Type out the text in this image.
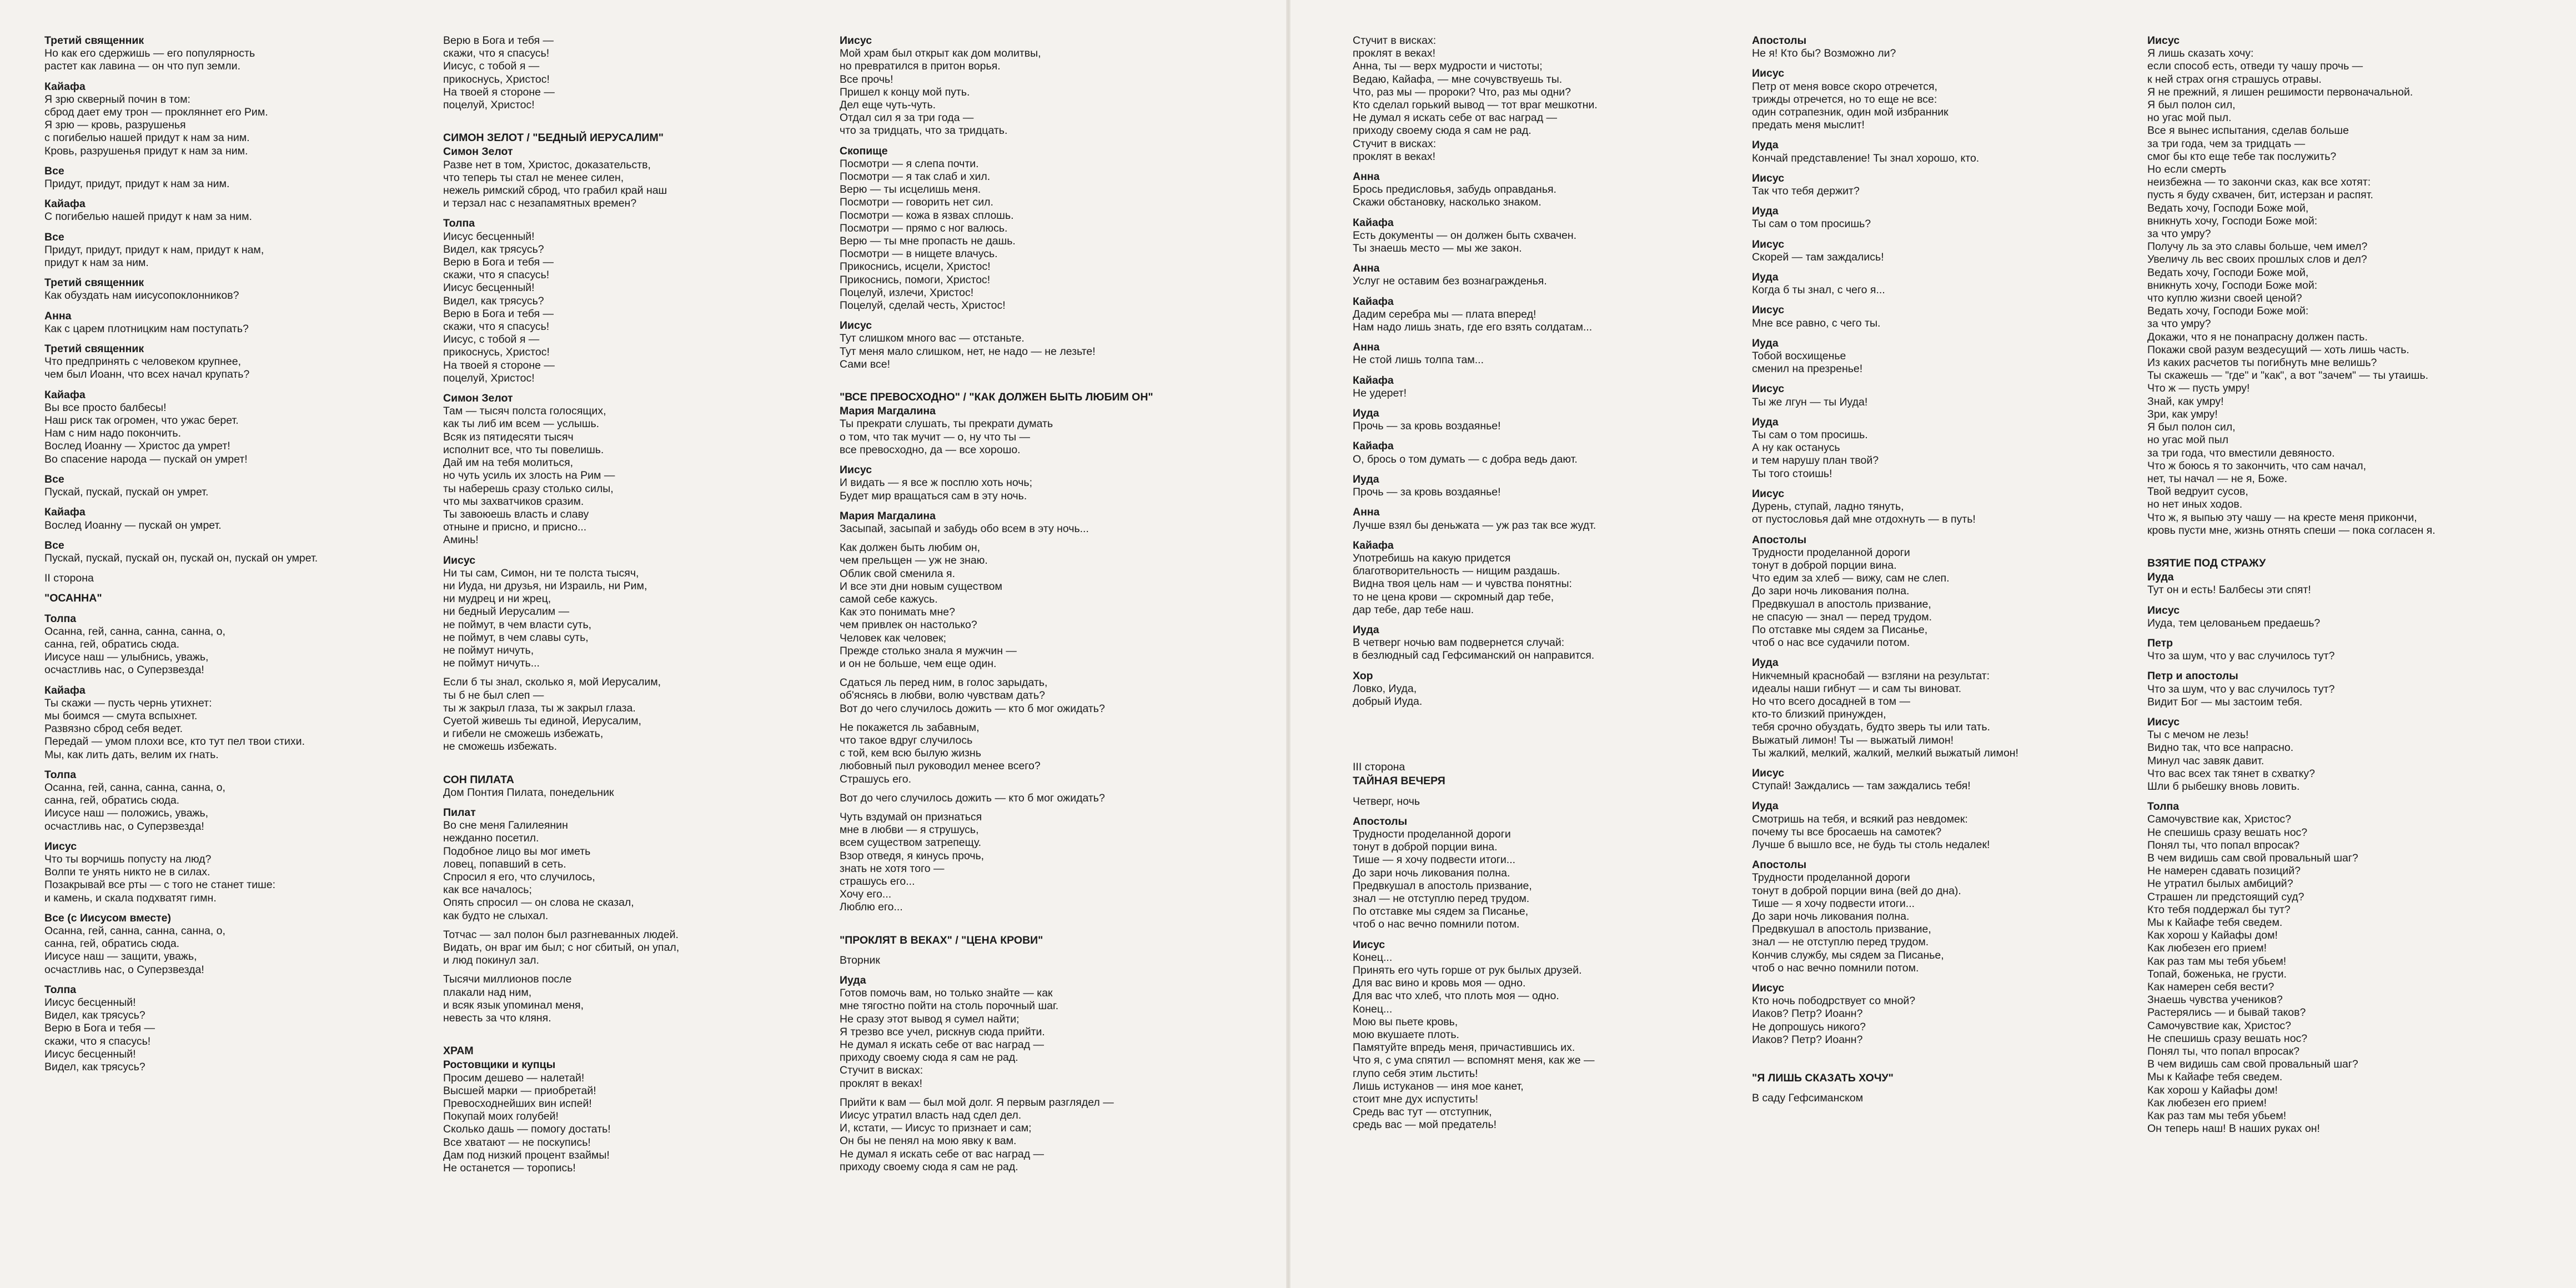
Третий священник
Но как его сдержишь — его популярность
растет как лавина — он что пуп земли.
Кайафа
Я зрю скверный почин в том:
сброд дает ему трон — прокляннет его Рим.
Я зрю — кровь, разрушенья
с погибелью нашей придут к нам за ним.
Кровь, разрушенья придут к нам за ним.
Все
Придут, придут, придут к нам за ним.
Кайафа
С погибелью нашей придут к нам за ним.
Все
Придут, придут, придут к нам, придут к нам,
придут к нам за ним.
Третий священник
Как обуздать нам иисусопоклонников?
Анна
Как с царем плотницким нам поступать?
Третий священник
Что предпринять с человеком крупнее,
чем был Иоанн, что всех начал крупать?
Кайафа
Вы все просто балбесы!
Наш риск так огромен, что ужас берет.
Нам с ним надо покончить.
Вослед Иоанну — Христос да умрет!
Во спасение народа — пускай он умрет!
Все
Пускай, пускай, пускай он умрет.
Кайафа
Вослед Иоанну — пускай он умрет.
Все
Пускай, пускай, пускай он, пускай он, пускай он умрет.
II сторона
"ОСАННА"
Толпа
Осанна, гей, санна, санна, санна, о,
санна, гей, обратись сюда.
Иисусе наш — улыбнись, уважь,
осчастливь нас, о Суперзвезда!
Кайафа
Ты скажи — пусть чернь утихнет:
мы боимся — смута вспыхнет.
Развязно сброд себя ведет.
Передай — умом плохи все, кто тут пел твои стихи.
Мы, как лить дать, велим их гнать.
Толпа
Осанна, гей, санна, санна, санна, о,
санна, гей, обратись сюда.
Иисусе наш — положись, уважь,
осчастливь нас, о Суперзвезда!
Иисус
Что ты ворчишь попусту на люд?
Волпи те унять никто не в силах.
Позакрывай все рты — с того не станет тише:
и камень, и скала подхватят гимн.
Все (с Иисусом вместе)
Осанна, гей, санна, санна, санна, о,
санна, гей, обратись сюда.
Иисусе наш — защити, уважь,
осчастливь нас, о Суперзвезда!
Толпа
Иисус бесценный!
Видел, как трясусь?
Верю в Бога и тебя —
скажи, что я спасусь!
Иисус бесценный!
Видел, как трясусь?
Верю в Бога и тебя —
скажи, что я спасусь!
Иисус, с тобой я —
прикоснусь, Христос!
На твоей я стороне —
поцелуй, Христос!
СИМОН ЗЕЛОТ / "БЕДНЫЙ ИЕРУСАЛИМ"
Симон Зелот
Разве нет в том, Христос, доказательств,
что теперь ты стал не менее силен,
нежель римский сброд, что грабил край наш
и терзал нас с незапамятных времен?
Толпа
Иисус бесценный!
Видел, как трясусь?
Верю в Бога и тебя —
скажи, что я спасусь!
Иисус бесценный!
Видел, как трясусь?
Верю в Бога и тебя —
скажи, что я спасусь!
Иисус, с тобой я —
прикоснусь, Христос!
На твоей я стороне —
поцелуй, Христос!
Симон Зелот
Там — тысяч полста голосящих,
как ты либ им всем — услышь.
Всяк из пятидесяти тысяч
исполнит все, что ты повелишь.
Дай им на тебя молиться,
но чуть усиль их злость на Рим —
ты наберешь сразу столько силы,
что мы захватчиков сразим.
Ты завоюешь власть и славу
отныне и присно, и присно...
Аминь!
Иисус
Ни ты сам, Симон, ни те полста тысяч,
ни Иуда, ни друзья, ни Израиль, ни Рим,
ни мудрец и ни жрец,
ни бедный Иерусалим —
не поймут, в чем власти суть,
не поймут, в чем славы суть,
не поймут ничуть,
не поймут ничуть...
Если б ты знал, сколько я, мой Иерусалим,
ты б не был слеп —
ты ж закрыл глаза, ты ж закрыл глаза.
Суетой живешь ты единой, Иерусалим,
и гибели не сможешь избежать,
не сможешь избежать.
СОН ПИЛАТА
Дом Понтия Пилата, понедельник
Пилат
Во сне меня Галилеянин
нежданно посетил.
Подобное лицо вы мог иметь
ловец, попавший в сеть.
Спросил я его, что случилось,
как все началось;
Опять спросил — он слова не сказал,
как будто не слыхал.
Тотчас — зал полон был разгневанных людей.
Видать, он враг им был; с ног сбитый, он упал,
и люд покинул зал.
Тысячи миллионов после
плакали над ним,
и всяк язык упоминал меня,
невесть за что кляня.
ХРАМ
Ростовщики и купцы
Просим дешево — налетай!
Высшей марки — приобретай!
Превосходнейших вин испей!
Покупай моих голубей!
Сколько дашь — помогу достать!
Все хватают — не поскупись!
Дам под низкий процент взаймы!
Не останется — торопись!
Иисус
Мой храм был открыт как дом молитвы,
но превратился в притон ворья.
Все прочь!
Пришел к концу мой путь.
Дел еще чуть-чуть.
Отдал сил я за три года —
что за тридцать, что за тридцать.
Скопище
Посмотри — я слепа почти.
Посмотри — я так слаб и хил.
Верю — ты исцелишь меня.
Посмотри — говорить нет сил.
Посмотри — кожа в язвах сплошь.
Посмотри — прямо с ног валюсь.
Верю — ты мне пропасть не дашь.
Посмотри — в нищете влачусь.
Прикоснись, исцели, Христос!
Прикоснись, помоги, Христос!
Поцелуй, излечи, Христос!
Поцелуй, сделай честь, Христос!
Иисус
Тут слишком много вас — отстаньте.
Тут меня мало слишком, нет, не надо — не лезьте!
Сами все!
"ВСЕ ПРЕВОСХОДНО" / "КАК ДОЛЖЕН БЫТЬ ЛЮБИМ ОН"
Мария Магдалина
Ты прекрати слушать, ты прекрати думать
о том, что так мучит — о, ну что ты —
все превосходно, да — все хорошо.
Иисус
И видать — я все ж посплю хоть ночь;
Будет мир вращаться сам в эту ночь.
Мария Магдалина
Засыпай, засыпай и забудь обо всем в эту ночь...
Как должен быть любим он,
чем прельщен — уж не знаю.
Облик свой сменила я.
И все эти дни новым существом
самой себе кажусь.
Как это понимать мне?
чем привлек он настолько?
Человек как человек;
Прежде столько знала я мужчин —
и он не больше, чем еще один.
Сдаться ль перед ним, в голос зарыдать,
об'яснясь в любви, волю чувствам дать?
Вот до чего случилось дожить — кто б мог ожидать?
Не покажется ль забавным,
что такое вдруг случилось
с той, кем всю былую жизнь
любовный пыл руководил менее всего?
Страшусь его.
Вот до чего случилось дожить — кто б мог ожидать?
Чуть вздумай он признаться
мне в любви — я струшусь,
всем существом затрепещу.
Взор отведя, я кинусь прочь,
знать не хотя того —
страшусь его...
Хочу его...
Люблю его...
"ПРОКЛЯТ В ВЕКАХ" / "ЦЕНА КРОВИ"
Вторник
Иуда
Готов помочь вам, но только знайте — как
мне тягостно пойти на столь порочный шаг.
Не сразу этот вывод я сумел найти;
Я трезво все учел, рискнув сюда прийти.
Не думал я искать себе от вас наград —
приходу своему сюда я сам не рад.
Стучит в висках:
проклят в веках!
Прийти к вам — был мой долг. Я первым разглядел —
Иисус утратил власть над сдел дел.
И, кстати, — Иисус то признает и сам;
Он бы не пенял на мою явку к вам.
Не думал я искать себе от вас наград —
приходу своему сюда я сам не рад.
Стучит в висках:
проклят в веках!
Анна, ты — верх мудрости и чистоты;
Ведаю, Кайафа, — мне сочувствуешь ты.
Что, раз мы — пророки? Что, раз мы одни?
Кто сделал горький вывод — тот враг мешкотни.
Не думал я искать себе от вас наград —
приходу своему сюда я сам не рад.
Стучит в висках:
проклят в веках!
Анна
Брось предисловья, забудь оправданья.
Скажи обстановку, насколько знаком.
Кайафа
Есть документы — он должен быть схвачен.
Ты знаешь место — мы же закон.
Анна
Услуг не оставим без вознагражденья.
Кайафа
Дадим серебра мы — плата вперед!
Нам надо лишь знать, где его взять солдатам...
Анна
Не стой лишь толпа там...
Кайафа
Не удерет!
Иуда
Прочь — за кровь воздаянье!
Кайафа
О, брось о том думать — с добра ведь дают.
Иуда
Прочь — за кровь воздаянье!
Анна
Лучше взял бы деньжата — уж раз так все жудт.
Кайафа
Употребишь на какую придется
благотворительность — нищим раздашь.
Видна твоя цель нам — и чувства понятны:
то не цена крови — скромный дар тебе,
дар тебе, дар тебе наш.
Иуда
В четверг ночью вам подвернется случай:
в безлюдный сад Гефсиманский он направится.
Хор
Ловко, Иуда,
добрый Иуда.
III сторона
ТАЙНАЯ ВЕЧЕРЯ
Четверг, ночь
Апостолы
Трудности проделанной дороги
тонут в доброй порции вина.
Тише — я хочу подвести итоги...
До зари ночь ликования полна.
Предвкушал в апостоль призвание,
знал — не отступлю перед трудом.
По отставке мы сядем за Писанье,
чтоб о нас вечно помнили потом.
Иисус
Конец...
Принять его чуть горше от рук былых друзей.
Для вас вино и кровь моя — одно.
Для вас что хлеб, что плоть моя — одно.
Конец...
Мою вы пьете кровь,
мою вкушаете плоть.
Памятуйте впредь меня, причастившись их.
Что я, с ума спятил — вспомнят меня, как же —
глупо себя этим льстить!
Лишь истуканов — иня мое канет,
стоит мне дух испустить!
Средь вас тут — отступник,
средь вас — мой предатель!
Апостолы
Не я! Кто бы? Возможно ли?
Иисус
Петр от меня вовсе скоро отречется,
трижды отречется, но то еще не все:
один сотрапезник, один мой избранник
предать меня мыслит!
Иуда
Кончай представление! Ты знал хорошо, кто.
Иисус
Так что тебя держит?
Иуда
Ты сам о том просишь?
Иисус
Скорей — там заждались!
Иуда
Когда б ты знал, с чего я...
Иисус
Мне все равно, с чего ты.
Иуда
Тобой восхищенье
сменил на презренье!
Иисус
Ты же лгун — ты Иуда!
Иуда
Ты сам о том просишь.
А ну как останусь
и тем нарушу план твой?
Ты того стоишь!
Иисус
Дурень, ступай, ладно тянуть,
от пустословья дай мне отдохнуть — в путь!
Апостолы
Трудности проделанной дороги
тонут в доброй порции вина.
Что едим за хлеб — вижу, сам не слеп.
До зари ночь ликования полна.
Предвкушал в апостоль призвание,
не спасую — знал — перед трудом.
По отставке мы сядем за Писанье,
чтоб о нас все судачили потом.
Иуда
Никчемный краснобай — взгляни на результат:
идеалы наши гибнут — и сам ты виноват.
Но что всего досадней в том —
кто-то близкий принужден,
тебя срочно обуздать, будто зверь ты или тать.
Выжатый лимон! Ты — выжатый лимон!
Ты жалкий, мелкий, жалкий, мелкий выжатый лимон!
Иисус
Ступай! Заждались — там заждались тебя!
Иуда
Смотришь на тебя, и всякий раз невдомек:
почему ты все бросаешь на самотек?
Лучше б вышло все, не будь ты столь недалек!
Апостолы
Трудности проделанной дороги
тонут в доброй порции вина (вей до дна).
Тише — я хочу подвести итоги...
До зари ночь ликования полна.
Предвкушал в апостоль призвание,
знал — не отступлю перед трудом.
Кончив службу, мы сядем за Писанье,
чтоб о нас вечно помнили потом.
Иисус
Кто ночь пободрствует со мной?
Иаков? Петр? Иоанн?
Не допрошусь никого?
Иаков? Петр? Иоанн?
"Я ЛИШЬ СКАЗАТЬ ХОЧУ"
В саду Гефсиманском
Иисус
Я лишь сказать хочу:
если способ есть, отведи ту чашу прочь —
к ней страх огня страшусь отравы.
Я не прежний, я лишен решимости первоначальной.
Я был полон сил,
но угас мой пыл.
Все я вынес испытания, сделав больше
за три года, чем за тридцать —
смог бы кто еще тебе так послужить?
Но если смерть
неизбежна — то закончи сказ, как все хотят:
пусть я буду схвачен, бит, истерзан и распят.
Ведать хочу, Господи Боже мой,
вникнуть хочу, Господи Боже мой:
за что умру?
Получу ль за это славы больше, чем имел?
Увеличу ль вес своих прошлых слов и дел?
Ведать хочу, Господи Боже мой,
вникнуть хочу, Господи Боже мой:
что куплю жизни своей ценой?
Ведать хочу, Господи Боже мой:
за что умру?
Докажи, что я не понапрасну должен пасть.
Покажи свой разум вездесущий — хоть лишь часть.
Из каких расчетов ты погибнуть мне велишь?
Ты скажешь — "где" и "как", а вот "зачем" — ты утаишь.
Что ж — пусть умру!
Знай, как умру!
Зри, как умру!
Я был полон сил,
но угас мой пыл
за три года, что вместили девяносто.
Что ж боюсь я то закончить, что сам начал,
нет, ты начал — не я, Боже.
Твой ведруит сусов,
но нет иных ходов.
Что ж, я выпью эту чашу — на кресте меня прикончи,
кровь пусти мне, жизнь отнять спеши — пока согласен я.
ВЗЯТИЕ ПОД СТРАЖУ
Иуда
Тут он и есть! Балбесы эти спят!
Иисус
Иуда, тем целованьем предаешь?
Петр
Что за шум, что у вас случилось тут?
Петр и апостолы
Что за шум, что у вас случилось тут?
Видит Бог — мы застоим тебя.
Иисус
Ты с мечом не лезь!
Видно так, что все напрасно.
Минул час завяк давит.
Что вас всех так тянет в схватку?
Шли б рыбешку вновь ловить.
Толпа
Самочувствие как, Христос?
Не спешишь сразу вешать нос?
Понял ты, что попал впросак?
В чем видишь сам свой провальный шаг?
Не намерен сдавать позиций?
Не утратил былых амбиций?
Страшен ли предстоящий суд?
Кто тебя поддержал бы тут?
Мы к Кайафе тебя сведем.
Как хорош у Кайафы дом!
Как любезен его прием!
Как раз там мы тебя убьем!
Топай, боженька, не грусти.
Как намерен себя вести?
Знаешь чувства учеников?
Растерялись — и бывай таков?
Самочувствие как, Христос?
Не спешишь сразу вешать нос?
Понял ты, что попал впросак?
В чем видишь сам свой провальный шаг?
Мы к Кайафе тебя сведем.
Как хорош у Кайафы дом!
Как любезен его прием!
Как раз там мы тебя убьем!
Он теперь наш! В наших руках он!
